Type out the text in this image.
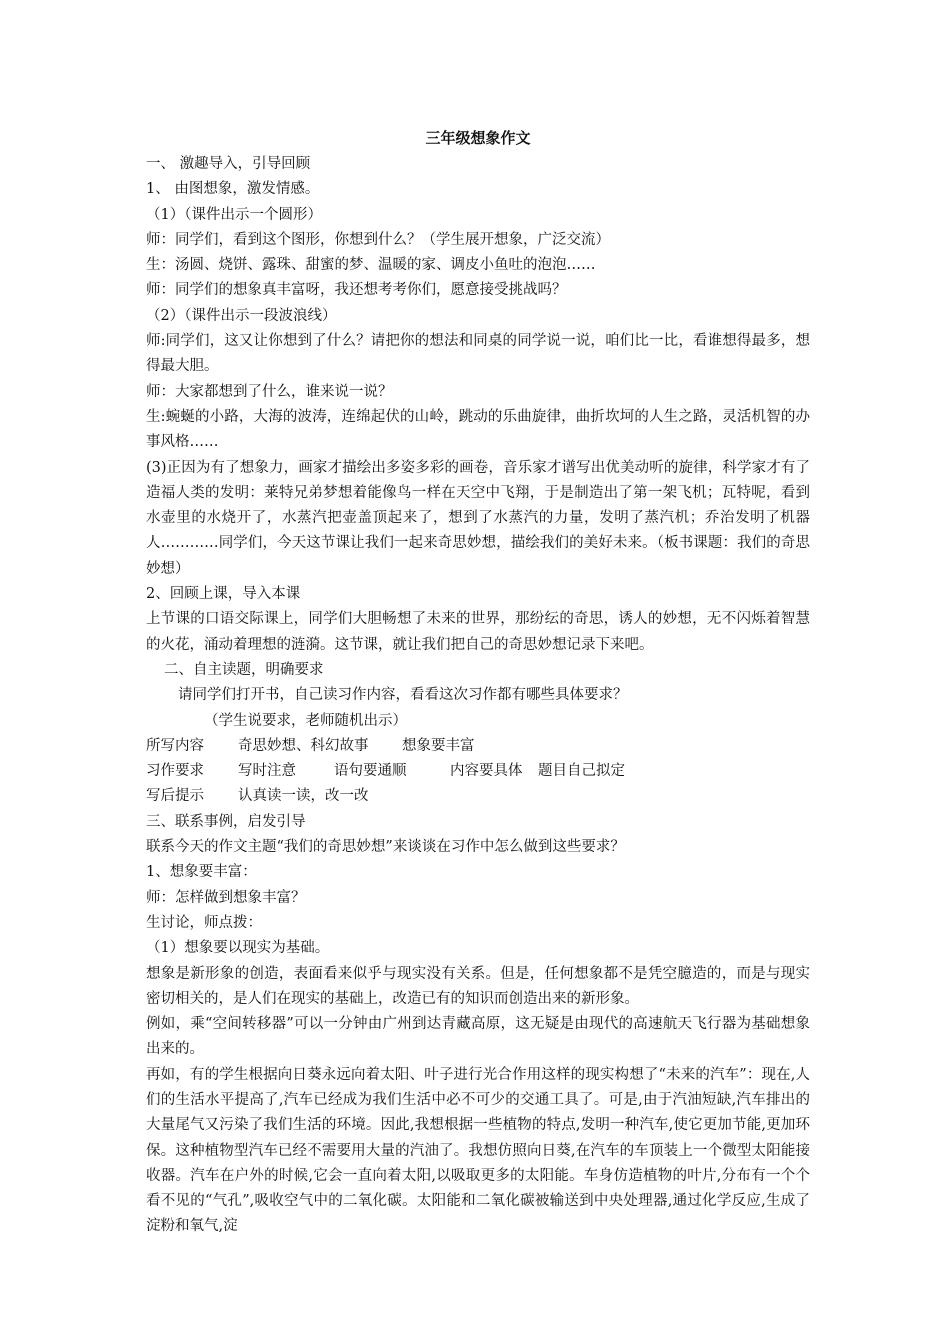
三年级想象作文

一、 激趣导入，引导回顾

1、 由图想象，激发情感。

（1）（课件出示一个圆形）

师：同学们，看到这个图形，你想到什么？（学生展开想象，广泛交流）

生：汤圆、烧饼、露珠、甜蜜的梦、温暖的家、调皮小鱼吐的泡泡……

师：同学们的想象真丰富呀，我还想考考你们，愿意接受挑战吗？

（2）（课件出示一段波浪线）

师:同学们，这又让你想到了什么？请把你的想法和同桌的同学说一说，咱们比一比，看谁想得最多，想得最大胆。

师：大家都想到了什么，谁来说一说？

生:蜿蜒的小路，大海的波涛，连绵起伏的山岭，跳动的乐曲旋律，曲折坎坷的人生之路，灵活机智的办事风格……

(3)正因为有了想象力，画家才描绘出多姿多彩的画卷，音乐家才谱写出优美动听的旋律，科学家才有了造福人类的发明：莱特兄弟梦想着能像鸟一样在天空中飞翔，于是制造出了第一架飞机；瓦特呢，看到水壶里的水烧开了，水蒸汽把壶盖顶起来了，想到了水蒸汽的力量，发明了蒸汽机；乔治发明了机器人…………同学们，今天这节课让我们一起来奇思妙想，描绘我们的美好未来。（板书课题：我们的奇思妙想）

2、回顾上课，导入本课

上节课的口语交际课上，同学们大胆畅想了未来的世界，那纷纭的奇思，诱人的妙想，无不闪烁着智慧的火花，涌动着理想的涟漪。这节课，就让我们把自己的奇思妙想记录下来吧。

二、自主读题，明确要求

请同学们打开书，自己读习作内容，看看这次习作都有哪些具体要求？

（学生说要求，老师随机出示）

所写内容	奇思妙想、科幻故事	想象要丰富
习作要求	写时注意	语句要通顺	内容要具体	题目自己拟定
写后提示	认真读一读，改一改

三、联系事例，启发引导

联系今天的作文主题“我们的奇思妙想”来谈谈在习作中怎么做到这些要求？

1、想象要丰富：

师：怎样做到想象丰富？

生讨论，师点拨：

（1）想象要以现实为基础。

想象是新形象的创造，表面看来似乎与现实没有关系。但是，任何想象都不是凭空臆造的，而是与现实密切相关的，是人们在现实的基础上，改造已有的知识而创造出来的新形象。

例如，乘“空间转移器”可以一分钟由广州到达青藏高原，这无疑是由现代的高速航天飞行器为基础想象出来的。

再如，有的学生根据向日葵永远向着太阳、叶子进行光合作用这样的现实构想了“未来的汽车”：现在,人们的生活水平提高了,汽车已经成为我们生活中必不可少的交通工具了。可是,由于汽油短缺,汽车排出的大量尾气又污染了我们生活的环境。因此,我想根据一些植物的特点,发明一种汽车,使它更加节能,更加环保。这种植物型汽车已经不需要用大量的汽油了。我想仿照向日葵,在汽车的车顶装上一个微型太阳能接收器。汽车在户外的时候,它会一直向着太阳,以吸取更多的太阳能。车身仿造植物的叶片,分布有一个个看不见的“气孔”,吸收空气中的二氧化碳。太阳能和二氧化碳被输送到中央处理器,通过化学反应,生成了淀粉和氧气,淀
